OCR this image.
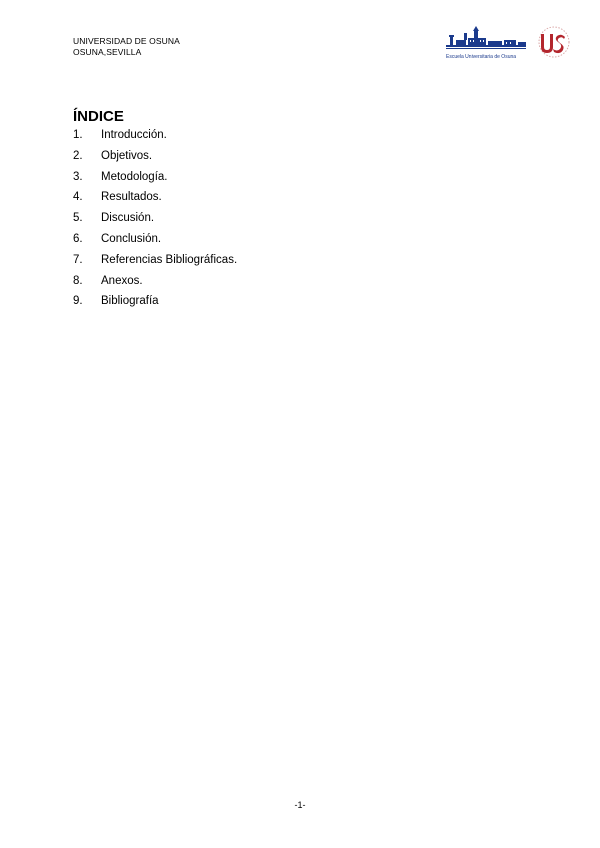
UNIVERSIDAD DE OSUNA
OSUNA,SEVILLA	Escuela Universitaria de Osuna
ÍNDICE
1.	Introducción.
2.	Objetivos.
3.	Metodología.
4.	Resultados.
5.	Discusión.
6.	Conclusión.
7.	Referencias Bibliográficas.
8.	Anexos.
9.	Bibliografía
-1-
